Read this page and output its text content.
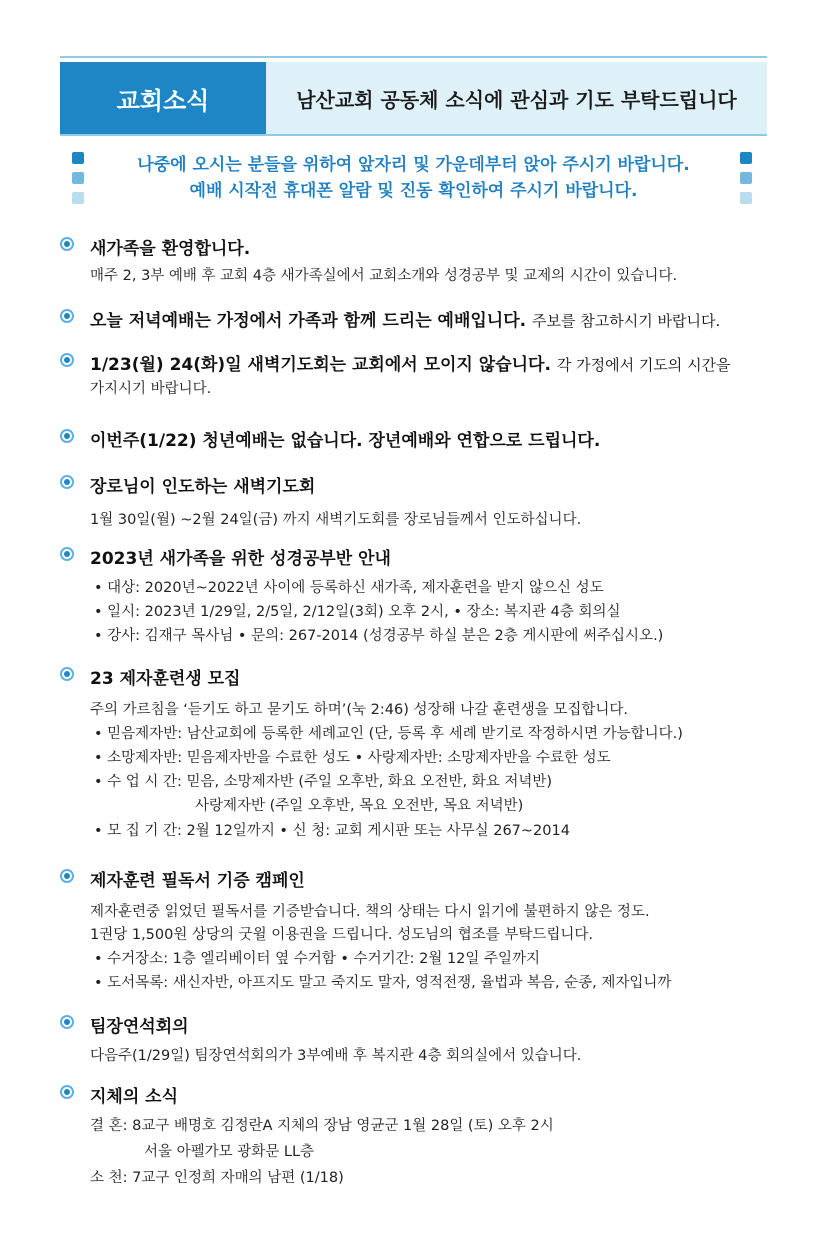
교회소식	남산교회 공동체 소식에 관심과 기도 부탁드립니다
나중에 오시는 분들을 위하여 앞자리 및 가운데부터 앉아 주시기 바랍니다.
예배 시작전 휴대폰 알람 및 진동 확인하여 주시기 바랍니다.
새가족을 환영합니다.
매주 2, 3부 예배 후 교회 4층 새가족실에서 교회소개와 성경공부 및 교제의 시간이 있습니다.
오늘 저녁예배는 가정에서 가족과 함께 드리는 예배입니다. 주보를 참고하시기 바랍니다.
1/23(월) 24(화)일 새벽기도회는 교회에서 모이지 않습니다. 각 가정에서 기도의 시간을
가지시기 바랍니다.
이번주(1/22) 청년예배는 없습니다. 장년예배와 연합으로 드립니다.
장로님이 인도하는 새벽기도회
1월 30일(월) ~2월 24일(금) 까지 새벽기도회를 장로님들께서 인도하십니다.
2023년 새가족을 위한 성경공부반 안내
• 대상: 2020년~2022년 사이에 등록하신 새가족, 제자훈련을 받지 않으신 성도
• 일시: 2023년 1/29일, 2/5일, 2/12일(3회) 오후 2시, • 장소: 복지관 4층 회의실
• 강사: 김재구 목사님 • 문의: 267-2014 (성경공부 하실 분은 2층 게시판에 써주십시오.)
23 제자훈련생 모집
주의 가르침을 ‘듣기도 하고 묻기도 하며’(눅 2:46) 성장해 나갈 훈련생을 모집합니다.
• 믿음제자반: 남산교회에 등록한 세례교인 (단, 등록 후 세례 받기로 작정하시면 가능합니다.)
• 소망제자반: 믿음제자반을 수료한 성도 • 사랑제자반: 소망제자반을 수료한 성도
• 수 업 시 간: 믿음, 소망제자반 (주일 오후반, 화요 오전반, 화요 저녁반)
사랑제자반 (주일 오후반, 목요 오전반, 목요 저녁반)
• 모 집 기 간: 2월 12일까지 • 신 청: 교회 게시판 또는 사무실 267~2014
제자훈련 필독서 기증 캠페인
제자훈련중 읽었던 필독서를 기증받습니다. 책의 상태는 다시 읽기에 불편하지 않은 정도.
1권당 1,500원 상당의 굿윌 이용권을 드립니다. 성도님의 협조를 부탁드립니다.
• 수거장소: 1층 엘리베이터 옆 수거함 • 수거기간: 2월 12일 주일까지
• 도서목록: 새신자반, 아프지도 말고 죽지도 말자, 영적전쟁, 율법과 복음, 순종, 제자입니까
팀장연석회의
다음주(1/29일) 팀장연석회의가 3부예배 후 복지관 4층 회의실에서 있습니다.
지체의 소식
결 혼: 8교구 배명호 김정란A 지체의 장남 영균군 1월 28일 (토) 오후 2시
서울 아펠가모 광화문 LL층
소 천: 7교구 인정희 자매의 남편 (1/18)
